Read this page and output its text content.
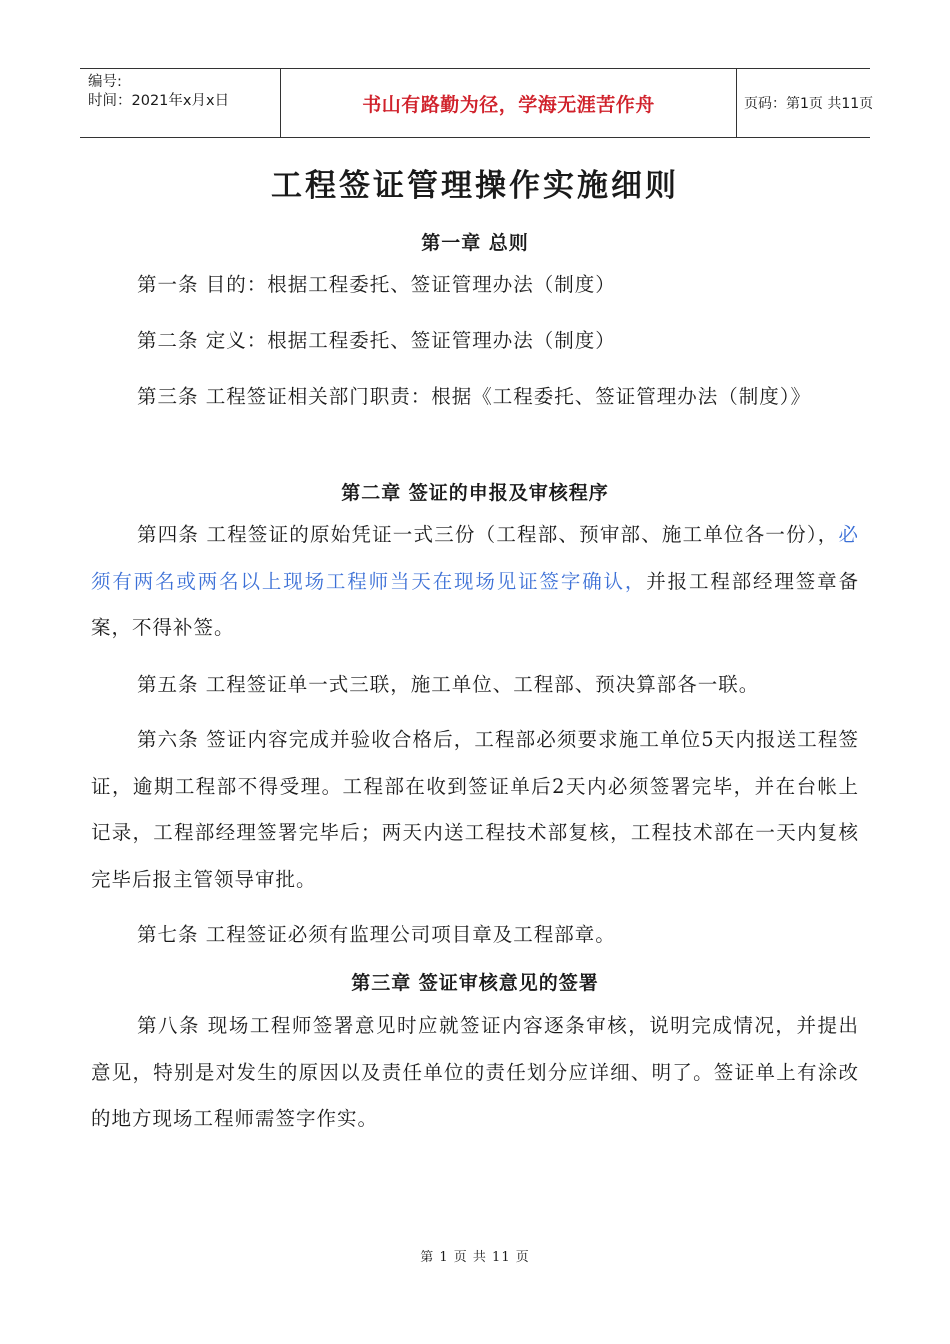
编号:
时间：2021年x月x日	书山有路勤为径，学海无涯苦作舟	页码：第1页 共11页
工程签证管理操作实施细则
第一章 总则
第一条 目的：根据工程委托、签证管理办法（制度）
第二条 定义：根据工程委托、签证管理办法（制度）
第三条 工程签证相关部门职责：根据《工程委托、签证管理办法（制度）》
第二章 签证的申报及审核程序
第四条 工程签证的原始凭证一式三份（工程部、预审部、施工单位各一份），必须有两名或两名以上现场工程师当天在现场见证签字确认，并报工程部经理签章备案，不得补签。
第五条 工程签证单一式三联，施工单位、工程部、预决算部各一联。
第六条 签证内容完成并验收合格后，工程部必须要求施工单位5天内报送工程签证，逾期工程部不得受理。工程部在收到签证单后2天内必须签署完毕，并在台帐上记录，工程部经理签署完毕后；两天内送工程技术部复核，工程技术部在一天内复核完毕后报主管领导审批。
第七条 工程签证必须有监理公司项目章及工程部章。
第三章 签证审核意见的签署
第八条 现场工程师签署意见时应就签证内容逐条审核，说明完成情况，并提出意见，特别是对发生的原因以及责任单位的责任划分应详细、明了。签证单上有涂改的地方现场工程师需签字作实。
第 1 页 共 11 页
